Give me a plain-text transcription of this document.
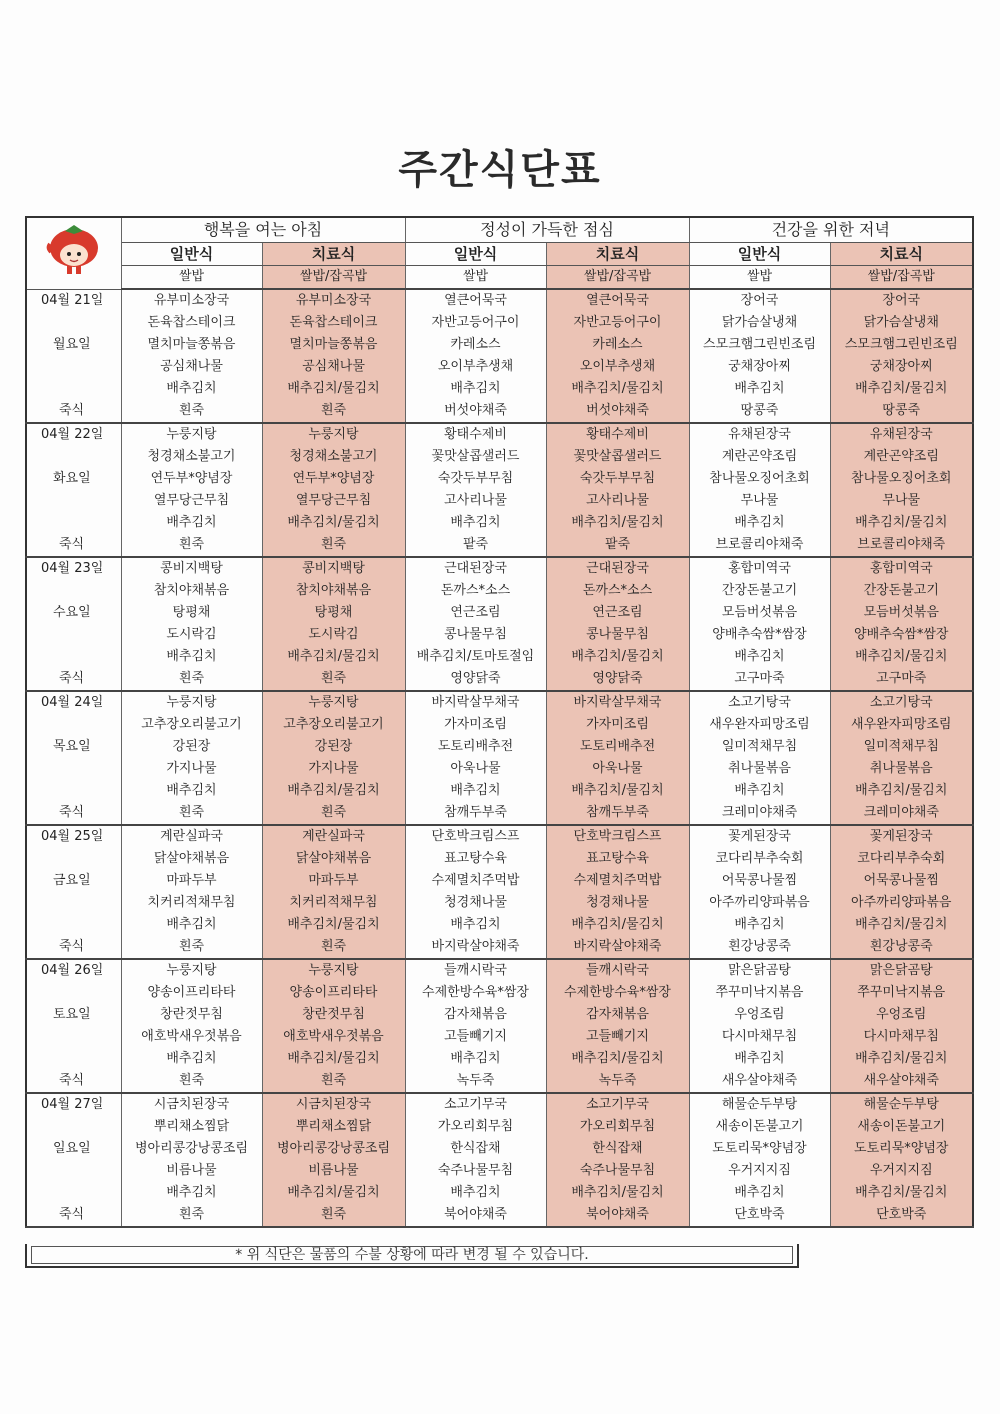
주간식단표
	행복을 여는 아침		정성이 가득한 점심		건강을 위한 저녁	
	일반식	치료식	일반식	치료식	일반식	치료식
	쌀밥	쌀밥/잡곡밥	쌀밥	쌀밥/잡곡밥	쌀밥	쌀밥/잡곡밥
04월 21일	유부미소장국	유부미소장국	열큰어묵국	열큰어묵국	장어국	장어국
	돈육찹스테이크	돈육찹스테이크	자반고등어구이	자반고등어구이	닭가슴살냉채	닭가슴살냉채
월요일	멸치마늘쫑볶음	멸치마늘쫑볶음	카레소스	카레소스	스모크햄그린빈조림	스모크햄그린빈조림
	공심채나물	공심채나물	오이부추생채	오이부추생채	궁채장아찌	궁채장아찌
	배추김치	배추김치/물김치	배추김치	배추김치/물김치	배추김치	배추김치/물김치
죽식	흰죽	흰죽	버섯야채죽	버섯야채죽	땅콩죽	땅콩죽
04월 22일	누룽지탕	누룽지탕	황태수제비	황태수제비	유채된장국	유채된장국
	청경채소불고기	청경채소불고기	꽃맛살콥샐러드	꽃맛살콥샐러드	계란곤약조림	계란곤약조림
화요일	연두부*양념장	연두부*양념장	숙갓두부무침	숙갓두부무침	참나물오징어초회	참나물오징어초회
	열무당근무침	열무당근무침	고사리나물	고사리나물	무나물	무나물
	배추김치	배추김치/물김치	배추김치	배추김치/물김치	배추김치	배추김치/물김치
죽식	흰죽	흰죽	팥죽	팥죽	브로콜리야채죽	브로콜리야채죽
04월 23일	콩비지백탕	콩비지백탕	근대된장국	근대된장국	홍합미역국	홍합미역국
	참치야채볶음	참치야채볶음	돈까스*소스	돈까스*소스	간장돈불고기	간장돈불고기
수요일	탕평채	탕평채	연근조림	연근조림	모듬버섯볶음	모듬버섯볶음
	도시락김	도시락김	콩나물무침	콩나물무침	양배추숙쌈*쌈장	양배추숙쌈*쌈장
	배추김치	배추김치/물김치	배추김치/토마토절임	배추김치/물김치	배추김치	배추김치/물김치
죽식	흰죽	흰죽	영양닭죽	영양닭죽	고구마죽	고구마죽
04월 24일	누룽지탕	누룽지탕	바지락살무채국	바지락살무채국	소고기탕국	소고기탕국
	고추장오리불고기	고추장오리불고기	가자미조림	가자미조림	새우완자피망조림	새우완자피망조림
목요일	강된장	강된장	도토리배추전	도토리배추전	일미적채무침	일미적채무침
	가지나물	가지나물	아욱나물	아욱나물	취나물볶음	취나물볶음
	배추김치	배추김치/물김치	배추김치	배추김치/물김치	배추김치	배추김치/물김치
죽식	흰죽	흰죽	참깨두부죽	참깨두부죽	크레미야채죽	크레미야채죽
04월 25일	계란실파국	계란실파국	단호박크림스프	단호박크림스프	꽃게된장국	꽃게된장국
	닭살야채볶음	닭살야채볶음	표고탕수육	표고탕수육	코다리부추숙회	코다리부추숙회
금요일	마파두부	마파두부	수제멸치주먹밥	수제멸치주먹밥	어묵콩나물찜	어묵콩나물찜
	치커리적채무침	치커리적채무침	청경채나물	청경채나물	아주까리양파볶음	아주까리양파볶음
	배추김치	배추김치/물김치	배추김치	배추김치/물김치	배추김치	배추김치/물김치
죽식	흰죽	흰죽	바지락살야채죽	바지락살야채죽	흰강낭콩죽	흰강낭콩죽
04월 26일	누룽지탕	누룽지탕	들깨시락국	들깨시락국	맑은닭곰탕	맑은닭곰탕
	양송이프리타타	양송이프리타타	수제한방수육*쌈장	수제한방수육*쌈장	쭈꾸미낙지볶음	쭈꾸미낙지볶음
토요일	창란젓무침	창란젓무침	감자채볶음	감자채볶음	우엉조림	우엉조림
	애호박새우젓볶음	애호박새우젓볶음	고들빼기지	고들빼기지	다시마채무침	다시마채무침
	배추김치	배추김치/물김치	배추김치	배추김치/물김치	배추김치	배추김치/물김치
죽식	흰죽	흰죽	녹두죽	녹두죽	새우살야채죽	새우살야채죽
04월 27일	시금치된장국	시금치된장국	소고기무국	소고기무국	해물순두부탕	해물순두부탕
	뿌리채소찜닭	뿌리채소찜닭	가오리회무침	가오리회무침	새송이돈불고기	새송이돈불고기
일요일	병아리콩강낭콩조림	병아리콩강낭콩조림	한식잡채	한식잡채	도토리묵*양념장	도토리묵*양념장
	비름나물	비름나물	숙주나물무침	숙주나물무침	우거지지짐	우거지지짐
	배추김치	배추김치/물김치	배추김치	배추김치/물김치	배추김치	배추김치/물김치
죽식	흰죽	흰죽	북어야채죽	북어야채죽	단호박죽	단호박죽
* 위 식단은 물품의 수불 상황에 따라 변경 될 수 있습니다.
